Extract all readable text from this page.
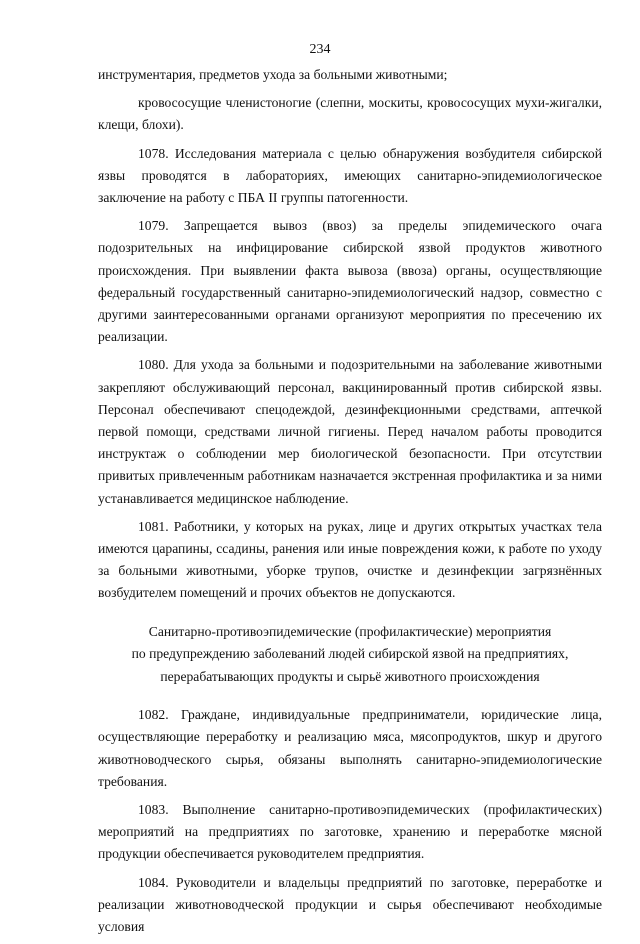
234

инструментария, предметов ухода за больными животными;

кровососущие членистоногие (слепни, москиты, кровососущих мухи-жигалки, клещи, блохи).

1078. Исследования материала с целью обнаружения возбудителя сибирской язвы проводятся в лабораториях, имеющих санитарно-эпидемиологическое заключение на работу с ПБА II группы патогенности.

1079. Запрещается вывоз (ввоз) за пределы эпидемического очага подозрительных на инфицирование сибирской язвой продуктов животного происхождения. При выявлении факта вывоза (ввоза) органы, осуществляющие федеральный государственный санитарно-эпидемиологический надзор, совместно с другими заинтересованными органами организуют мероприятия по пресечению их реализации.

1080. Для ухода за больными и подозрительными на заболевание животными закрепляют обслуживающий персонал, вакцинированный против сибирской язвы. Персонал обеспечивают спецодеждой, дезинфекционными средствами, аптечкой первой помощи, средствами личной гигиены. Перед началом работы проводится инструктаж о соблюдении мер биологической безопасности. При отсутствии привитых привлеченным работникам назначается экстренная профилактика и за ними устанавливается медицинское наблюдение.

1081. Работники, у которых на руках, лице и других открытых участках тела имеются царапины, ссадины, ранения или иные повреждения кожи, к работе по уходу за больными животными, уборке трупов, очистке и дезинфекции загрязнённых возбудителем помещений и прочих объектов не допускаются.

Санитарно-противоэпидемические (профилактические) мероприятия
по предупреждению заболеваний людей сибирской язвой на предприятиях,
перерабатывающих продукты и сырьё животного происхождения

1082. Граждане, индивидуальные предприниматели, юридические лица, осуществляющие переработку и реализацию мяса, мясопродуктов, шкур и другого животноводческого сырья, обязаны выполнять санитарно-эпидемиологические требования.

1083. Выполнение санитарно-противоэпидемических (профилактических) мероприятий на предприятиях по заготовке, хранению и переработке мясной продукции обеспечивается руководителем предприятия.

1084. Руководители и владельцы предприятий по заготовке, переработке и реализации животноводческой продукции и сырья обеспечивают необходимые условия
